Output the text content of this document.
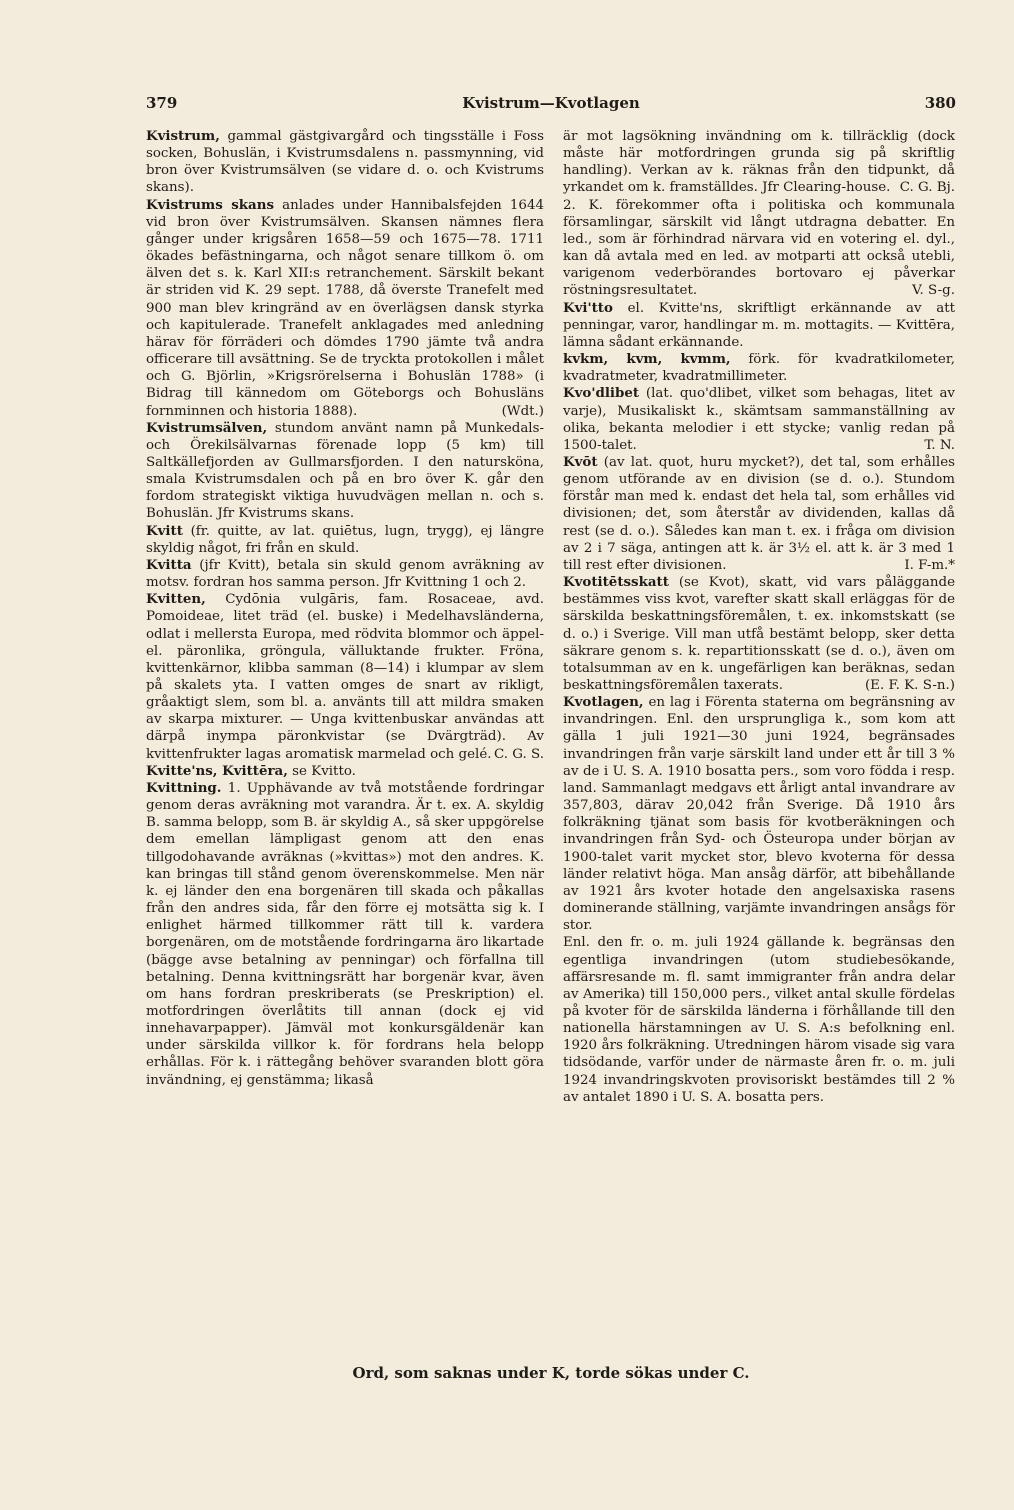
379	Kvistrum—Kvotlagen	380

Kvistrum, gammal gästgivargård och tingsställe i Foss socken, Bohuslän, i Kvistrumsdalens n. passmynning, vid bron över Kvistrumsälven (se vidare d. o. och Kvistrums skans).

Kvistrums skans anlades under Hannibalsfejden 1644 vid bron över Kvistrumsälven. Skansen nämnes flera gånger under krigsåren 1658—59 och 1675—78. 1711 ökades befästningarna, och något senare tillkom ö. om älven det s. k. Karl XII:s retranchement. Särskilt bekant är striden vid K. 29 sept. 1788, då överste Tranefelt med 900 man blev kringränd av en överlägsen dansk styrka och kapitulerade. Tranefelt anklagades med anledning härav för förräderi och dömdes 1790 jämte två andra officerare till avsättning. Se de tryckta protokollen i målet och G. Björlin, »Krigsrörelserna i Bohuslän 1788» (i Bidrag till kännedom om Göteborgs och Bohusläns fornminnen och historia 1888).	(Wdt.)

Kvistrumsälven, stundom använt namn på Munkedals- och Örekilsälvarnas förenade lopp (5 km) till Saltkällefjorden av Gullmarsfjorden. I den natursköna, smala Kvistrumsdalen och på en bro över K. går den fordom strategiskt viktiga huvudvägen mellan n. och s. Bohuslän. Jfr Kvistrums skans.

Kvitt (fr. quitte, av lat. quiētus, lugn, trygg), ej längre skyldig något, fri från en skuld.

Kvitta (jfr Kvitt), betala sin skuld genom avräkning av motsv. fordran hos samma person. Jfr Kvittning 1 och 2.

Kvitten, Cydōnia vulgāris, fam. Rosaceae, avd. Pomoideae, litet träd (el. buske) i Medelhavsländerna, odlat i mellersta Europa, med rödvita blommor och äppel- el. päronlika, gröngula, välluktande frukter. Fröna, kvittenkärnor, klibba samman (8—14) i klumpar av slem på skalets yta. I vatten omges de snart av rikligt, gråaktigt slem, som bl. a. använts till att mildra smaken av skarpa mixturer. — Unga kvittenbuskar användas att därpå inympa päronkvistar (se Dvärgträd). Av kvittenfrukter lagas aromatisk marmelad och gelé. C. G. S.

Kvitte'ns, Kvittēra, se Kvitto.

Kvittning. 1. Upphävande av två motstående fordringar genom deras avräkning mot varandra. Är t. ex. A. skyldig B. samma belopp, som B. är skyldig A., så sker uppgörelse dem emellan lämpligast genom att den enas tillgodohavande avräknas (»kvittas») mot den andres. K. kan bringas till stånd genom överenskommelse. Men när k. ej länder den ena borgenären till skada och påkallas från den andres sida, får den förre ej motsätta sig k. I enlighet härmed tillkommer rätt till k. vardera borgenären, om de motstående fordringarna äro likartade (bägge avse betalning av penningar) och förfallna till betalning. Denna kvittningsrätt har borgenär kvar, även om hans fordran preskriberats (se Preskription) el. motfordringen överlåtits till annan (dock ej vid innehavarpapper). Jämväl mot konkursgäldenär kan under särskilda villkor k. för fordrans hela belopp erhållas. För k. i rättegång behöver svaranden blott göra invändning, ej genstämma; likaså

är mot lagsökning invändning om k. tillräcklig (dock måste här motfordringen grunda sig på skriftlig handling). Verkan av k. räknas från den tidpunkt, då yrkandet om k. framställdes. Jfr Clearing-house. C. G. Bj.

2. K. förekommer ofta i politiska och kommunala församlingar, särskilt vid långt utdragna debatter. En led., som är förhindrad närvara vid en votering el. dyl., kan då avtala med en led. av motparti att också utebli, varigenom vederbörandes bortovaro ej påverkar röstningsresultatet.	V. S-g.

Kvi'tto el. Kvitte'ns, skriftligt erkännande av att penningar, varor, handlingar m. m. mottagits. — Kvittēra, lämna sådant erkännande.

kvkm, kvm, kvmm, förk. för kvadratkilometer, kvadratmeter, kvadratmillimeter.

Kvo'dlibet (lat. quo'dlibet, vilket som behagas, litet av varje), Musikaliskt k., skämtsam sammanställning av olika, bekanta melodier i ett stycke; vanlig redan på 1500-talet.	T. N.

Kvōt (av lat. quot, huru mycket?), det tal, som erhålles genom utförande av en division (se d. o.). Stundom förstår man med k. endast det hela tal, som erhålles vid divisionen; det, som återstår av dividenden, kallas då rest (se d. o.). Således kan man t. ex. i fråga om division av 2 i 7 säga, antingen att k. är 3½ el. att k. är 3 med 1 till rest efter divisionen.	I. F-m.*

Kvotitētsskatt (se Kvot), skatt, vid vars påläggande bestämmes viss kvot, varefter skatt skall erläggas för de särskilda beskattningsföremålen, t. ex. inkomstskatt (se d. o.) i Sverige. Vill man utfå bestämt belopp, sker detta säkrare genom s. k. repartitionsskatt (se d. o.), även om totalsumman av en k. ungefärligen kan beräknas, sedan beskattningsföremålen taxerats.	(E. F. K. S-n.)

Kvotlagen, en lag i Förenta staterna om begränsning av invandringen. Enl. den ursprungliga k., som kom att gälla 1 juli 1921—30 juni 1924, begränsades invandringen från varje särskilt land under ett år till 3 % av de i U. S. A. 1910 bosatta pers., som voro födda i resp. land. Sammanlagt medgavs ett årligt antal invandrare av 357,803, därav 20,042 från Sverige. Då 1910 års folkräkning tjänat som basis för kvotberäkningen och invandringen från Syd- och Östeuropa under början av 1900-talet varit mycket stor, blevo kvoterna för dessa länder relativt höga. Man ansåg därför, att bibehållande av 1921 års kvoter hotade den angelsaxiska rasens dominerande ställning, varjämte invandringen ansågs för stor.

Enl. den fr. o. m. juli 1924 gällande k. begränsas den egentliga invandringen (utom studiebesökande, affärsresande m. fl. samt immigranter från andra delar av Amerika) till 150,000 pers., vilket antal skulle fördelas på kvoter för de särskilda länderna i förhållande till den nationella härstamningen av U. S. A:s befolkning enl. 1920 års folkräkning. Utredningen härom visade sig vara tidsödande, varför under de närmaste åren fr. o. m. juli 1924 invandringskvoten provisoriskt bestämdes till 2 % av antalet 1890 i U. S. A. bosatta pers.

Ord, som saknas under K, torde sökas under C.
